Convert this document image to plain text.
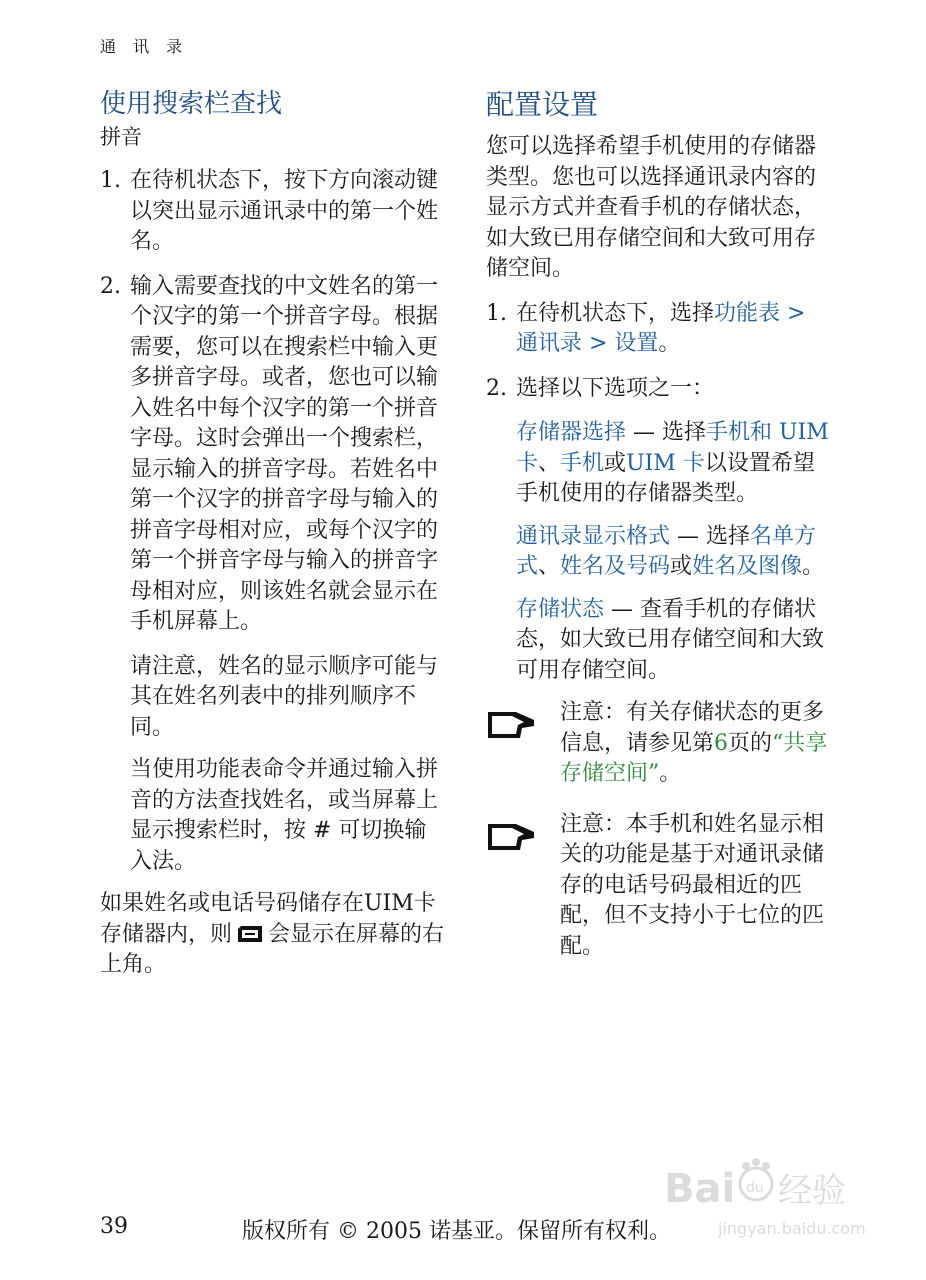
通 讯 录
使用搜索栏查找
拼音
1. 在待机状态下，按下方向滚动键以突出显示通讯录中的第一个姓名。
2. 输入需要查找的中文姓名的第一个汉字的第一个拼音字母。根据需要，您可以在搜索栏中输入更多拼音字母。或者，您也可以输入姓名中每个汉字的第一个拼音字母。这时会弹出一个搜索栏，显示输入的拼音字母。若姓名中第一个汉字的拼音字母与输入的拼音字母相对应，或每个汉字的第一个拼音字母与输入的拼音字母相对应，则该姓名就会显示在手机屏幕上。
请注意，姓名的显示顺序可能与其在姓名列表中的排列顺序不同。
当使用功能表命令并通过输入拼音的方法查找姓名，或当屏幕上显示搜索栏时，按 # 可切换输入法。
如果姓名或电话号码储存在UIM卡存储器内，则 会显示在屏幕的右上角。
配置设置
您可以选择希望手机使用的存储器类型。您也可以选择通讯录内容的显示方式并查看手机的存储状态，如大致已用存储空间和大致可用存储空间。
1. 在待机状态下，选择功能表 > 通讯录 > 设置。
2. 选择以下选项之一：
存储器选择 — 选择手机和 UIM 卡、手机或UIM 卡以设置希望手机使用的存储器类型。
通讯录显示格式 — 选择名单方式、姓名及号码或姓名及图像。
存储状态 — 查看手机的存储状态，如大致已用存储空间和大致可用存储空间。
注意：有关存储状态的更多信息，请参见第6页的“共享存储空间”。
注意：本手机和姓名显示相关的功能是基于对通讯录储存的电话号码最相近的匹配，但不支持小于七位的匹配。
Bai du 经验
jingyan.baidu.com
39	版权所有 © 2005 诺基亚。保留所有权利。
